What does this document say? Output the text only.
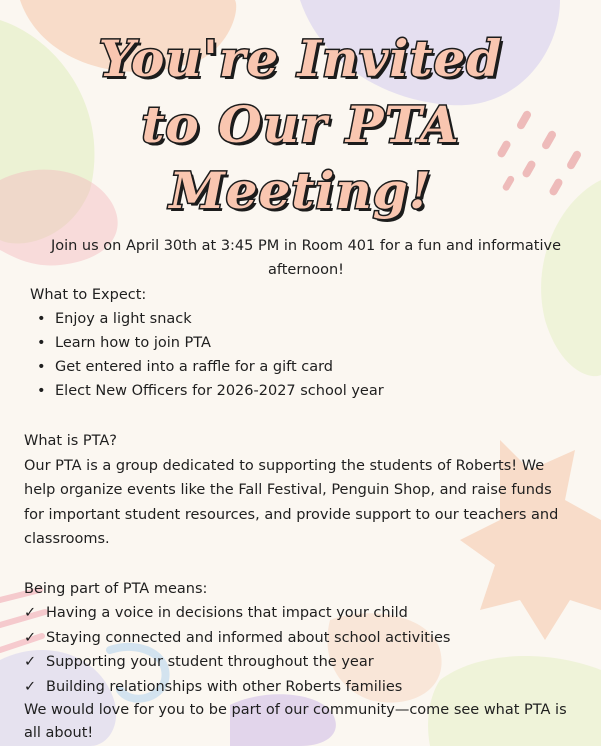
You're Invited
to Our PTA
Meeting!
Join us on April 30th at 3:45 PM in Room 401 for a fun and informative afternoon!
What to Expect:
• Enjoy a light snack
• Learn how to join PTA
• Get entered into a raffle for a gift card
• Elect New Officers for 2026-2027 school year
What is PTA?
Our PTA is a group dedicated to supporting the students of Roberts! We help organize events like the Fall Festival, Penguin Shop, and raise funds for important student resources, and provide support to our teachers and classrooms.
Being part of PTA means:
✓ Having a voice in decisions that impact your child
✓ Staying connected and informed about school activities
✓ Supporting your student throughout the year
✓ Building relationships with other Roberts families
We would love for you to be part of our community—come see what PTA is all about!
